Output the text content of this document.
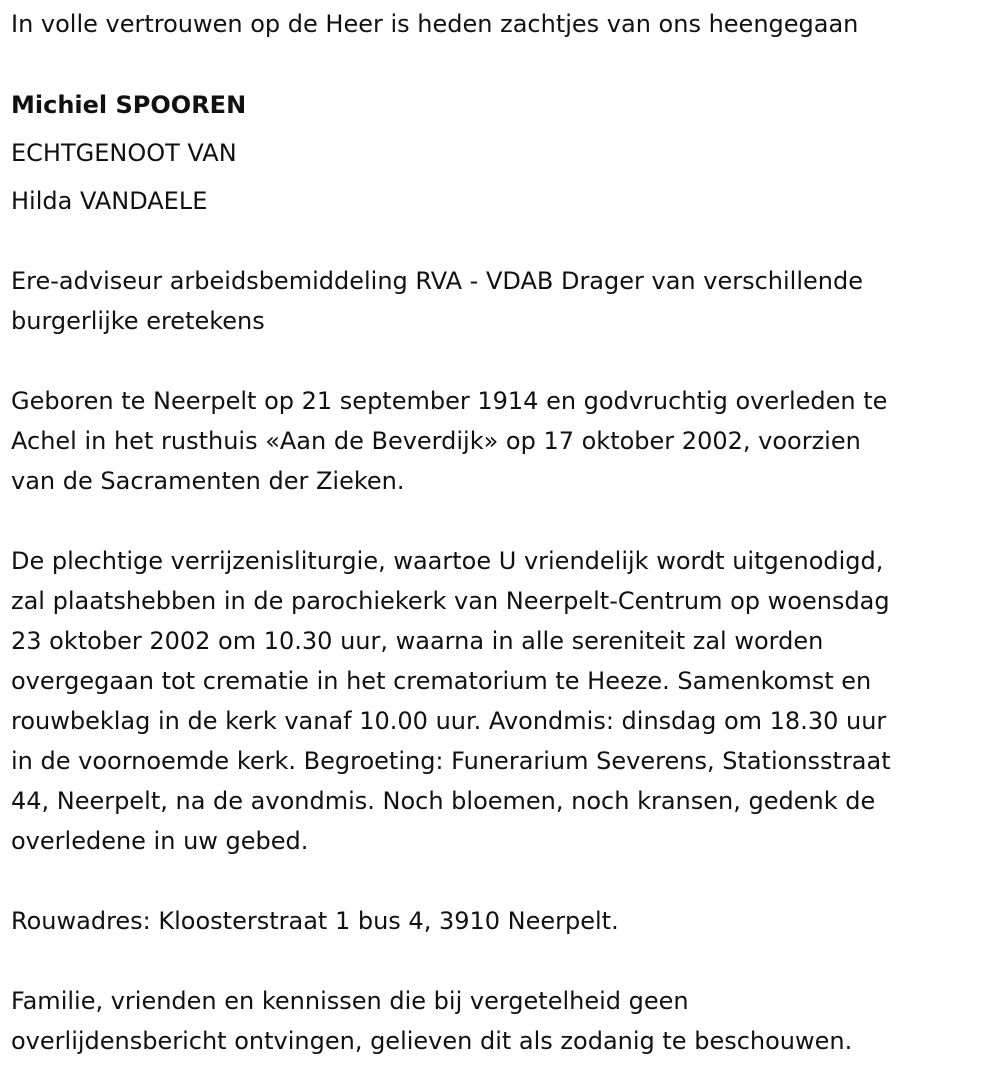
In volle vertrouwen op de Heer is heden zachtjes van ons heengegaan
Michiel SPOOREN
ECHTGENOOT VAN
Hilda VANDAELE
Ere-adviseur arbeidsbemiddeling RVA - VDAB Drager van verschillende
burgerlijke eretekens
Geboren te Neerpelt op 21 september 1914 en godvruchtig overleden te
Achel in het rusthuis «Aan de Beverdijk» op 17 oktober 2002, voorzien
van de Sacramenten der Zieken.
De plechtige verrijzenisliturgie, waartoe U vriendelijk wordt uitgenodigd,
zal plaatshebben in de parochiekerk van Neerpelt-Centrum op woensdag
23 oktober 2002 om 10.30 uur, waarna in alle sereniteit zal worden
overgegaan tot crematie in het crematorium te Heeze. Samenkomst en
rouwbeklag in de kerk vanaf 10.00 uur. Avondmis: dinsdag om 18.30 uur
in de voornoemde kerk. Begroeting: Funerarium Severens, Stationsstraat
44, Neerpelt, na de avondmis. Noch bloemen, noch kransen, gedenk de
overledene in uw gebed.
Rouwadres: Kloosterstraat 1 bus 4, 3910 Neerpelt.
Familie, vrienden en kennissen die bij vergetelheid geen
overlijdensbericht ontvingen, gelieven dit als zodanig te beschouwen.
